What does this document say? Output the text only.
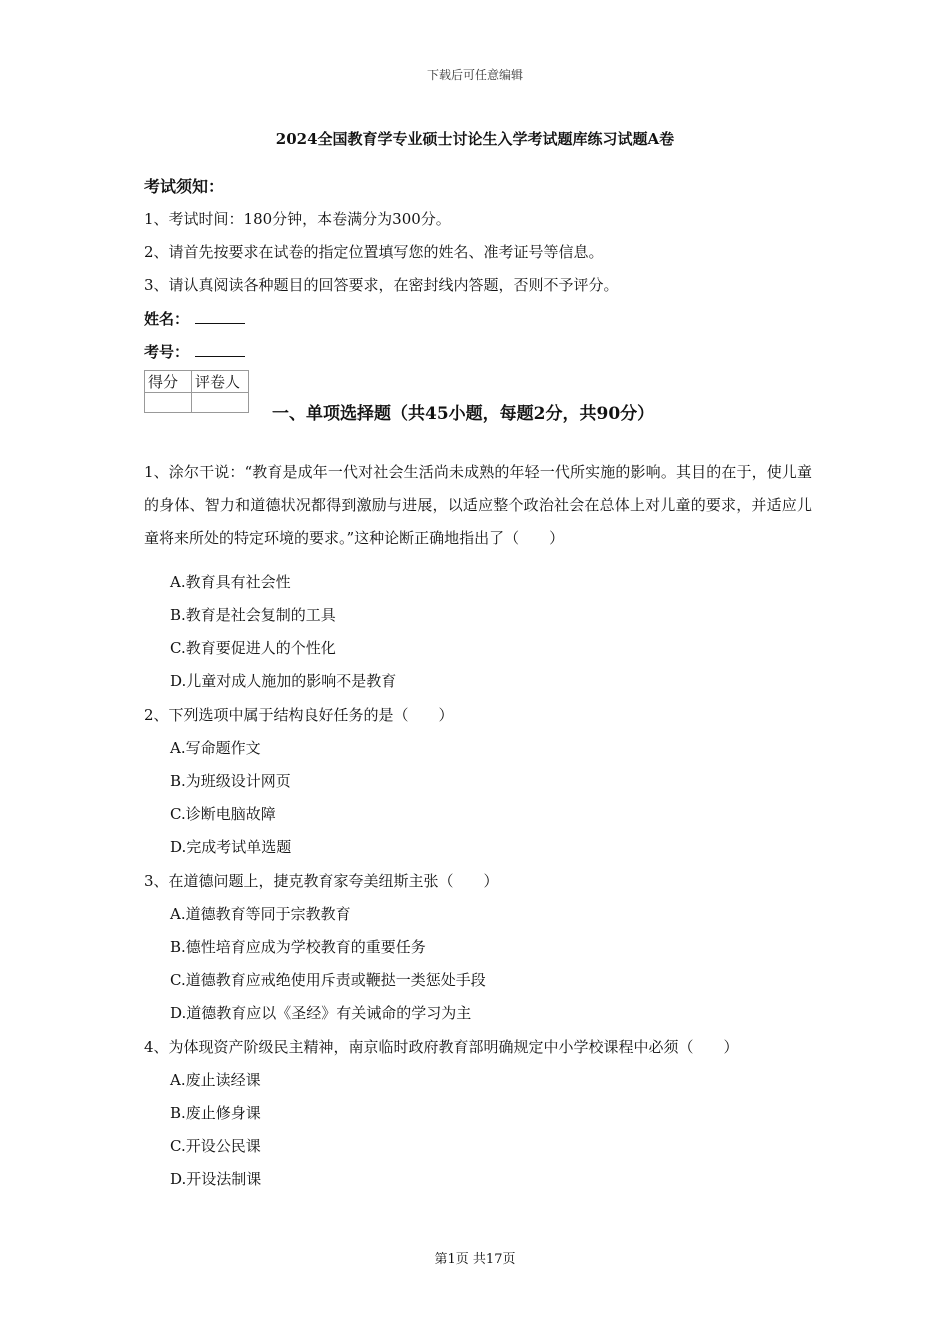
下载后可任意编辑
2024全国教育学专业硕士讨论生入学考试题库练习试题A卷
考试须知：
1、考试时间：180分钟，本卷满分为300分。
2、请首先按要求在试卷的指定位置填写您的姓名、准考证号等信息。
3、请认真阅读各种题目的回答要求，在密封线内答题，否则不予评分。
姓名：
考号：
得分	评卷人

一、单项选择题（共45小题，每题2分，共90分）
1、涂尔干说：“教育是成年一代对社会生活尚未成熟的年轻一代所实施的影响。其目的在于，使儿童的身体、智力和道德状况都得到激励与进展，以适应整个政治社会在总体上对儿童的要求，并适应儿童将来所处的特定环境的要求。”这种论断正确地指出了（　　）
A.教育具有社会性
B.教育是社会复制的工具
C.教育要促进人的个性化
D.儿童对成人施加的影响不是教育
2、下列选项中属于结构良好任务的是（　　）
A.写命题作文
B.为班级设计网页
C.诊断电脑故障
D.完成考试单选题
3、在道德问题上，捷克教育家夸美纽斯主张（　　）
A.道德教育等同于宗教教育
B.德性培育应成为学校教育的重要任务
C.道德教育应戒绝使用斥责或鞭挞一类惩处手段
D.道德教育应以《圣经》有关诫命的学习为主
4、为体现资产阶级民主精神，南京临时政府教育部明确规定中小学校课程中必须（　　）
A.废止读经课
B.废止修身课
C.开设公民课
D.开设法制课
第1页 共17页
